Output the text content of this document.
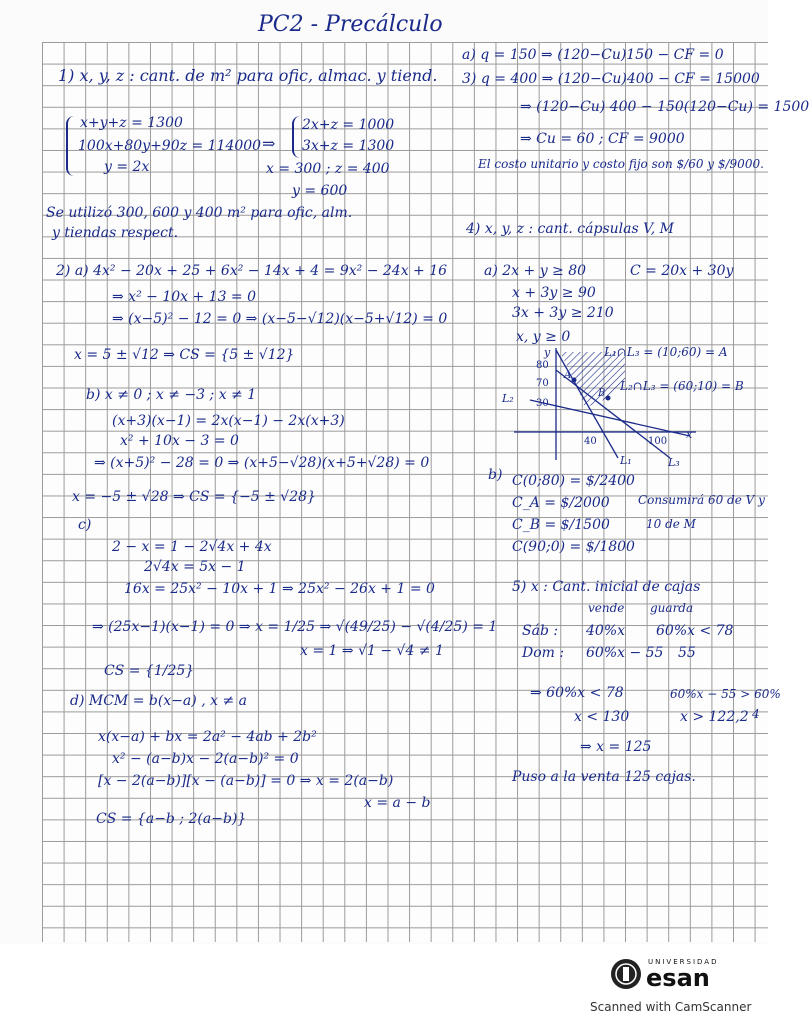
PC2 - Precálculo
1) x, y, z : cant. de m² para ofic, almac. y tiend.
x+y+z = 1300
100x+80y+90z = 114000
y = 2x
⇒
2x+z = 1000
3x+z = 1300
x = 300 ; z = 400
y = 600
Se utilizó 300, 600 y 400 m² para ofic, alm.
y tiendas respect.
2) a) 4x² − 20x + 25 + 6x² − 14x + 4 = 9x² − 24x + 16
⇒ x² − 10x + 13 = 0
⇒ (x−5)² − 12 = 0 ⇒ (x−5−√12)(x−5+√12) = 0
x = 5 ± √12 ⇒ CS = {5 ± √12}
b) x ≠ 0 ; x ≠ −3 ; x ≠ 1
(x+3)(x−1) = 2x(x−1) − 2x(x+3)
x² + 10x − 3 = 0
⇒ (x+5)² − 28 = 0 ⇒ (x+5−√28)(x+5+√28) = 0
x = −5 ± √28 ⇒ CS = {−5 ± √28}
c)
2 − x = 1 − 2√4x + 4x
2√4x = 5x − 1
16x = 25x² − 10x + 1 ⇒ 25x² − 26x + 1 = 0
⇒ (25x−1)(x−1) = 0 ⇒ x = 1/25 ⇒ √(49/25) − √(4/25) = 1
x = 1 ⇒ √1 − √4 ≠ 1
CS = {1/25}
d) MCM = b(x−a) , x ≠ a
x(x−a) + bx = 2a² − 4ab + 2b²
x² − (a−b)x − 2(a−b)² = 0
[x − 2(a−b)][x − (a−b)] = 0 ⇒ x = 2(a−b)
x = a − b
CS = {a−b ; 2(a−b)}
a) q = 150 ⇒ (120−Cu)150 − CF = 0
3) q = 400 ⇒ (120−Cu)400 − CF = 15000
⇒ (120−Cu) 400 − 150(120−Cu) = 1500
⇒ Cu = 60 ; CF = 9000
El costo unitario y costo fijo son $/60 y $/9000.
4) x, y, z : cant. cápsulas V, M
a) 2x + y ≥ 80
x + 3y ≥ 90
3x + 3y ≥ 210
x, y ≥ 0
C = 20x + 30y
y
x
80
70
30
40	100
L₁
L₂
L₃
A
B
L₁∩L₃ = (10;60) = A
L₂∩L₃ = (60;10) = B
b) C(0;80) = $/2400
C_A = $/2000
C_B = $/1500
C(90;0) = $/1800
Consumirá 60 de V y
10 de M
5) x : Cant. inicial de cajas
vende guarda
Sáb : 40%x 60%x < 78
Dom : 60%x − 55 55
⇒ 60%x < 78	60%x − 55 > 60%
4
x < 130	x > 122,2
⇒ x = 125
Puso a la venta 125 cajas.
UNIVERSIDAD
esan
Scanned with CamScanner
